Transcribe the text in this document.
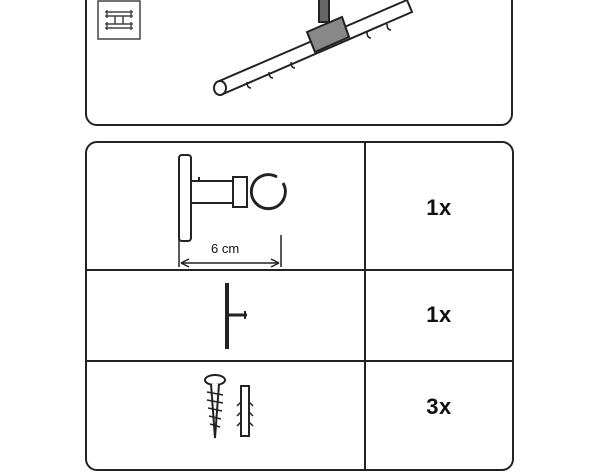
6 cm
1x
1x
3x
